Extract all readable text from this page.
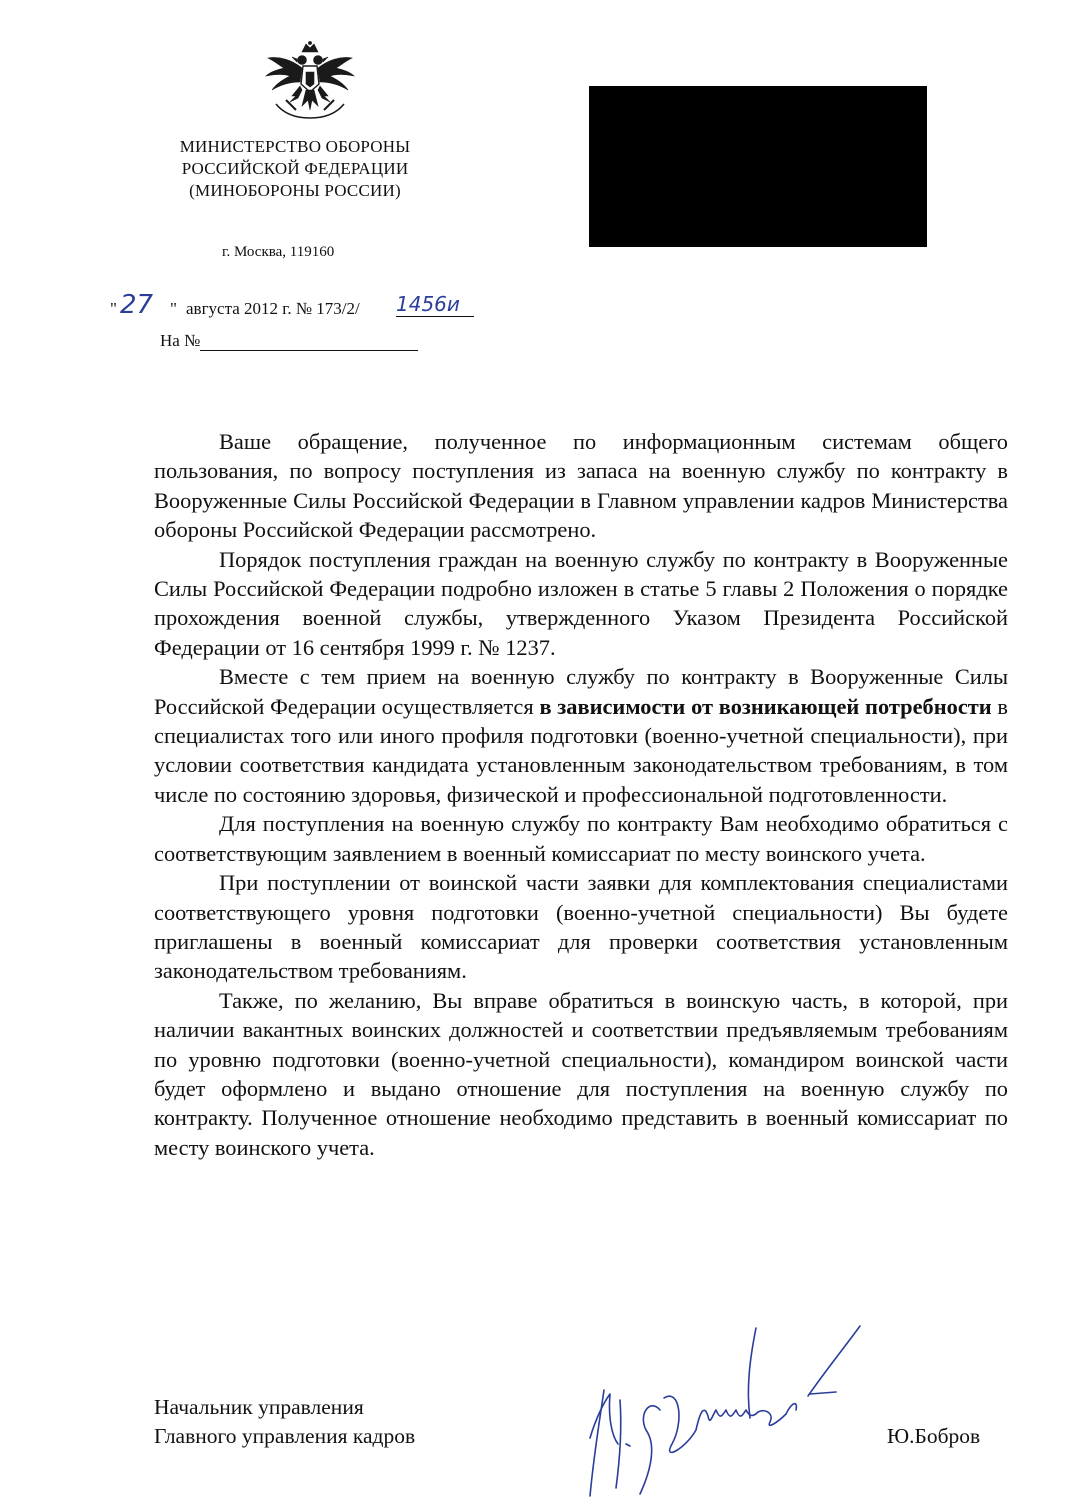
МИНИСТЕРСТВО ОБОРОНЫ
РОССИЙСКОЙ ФЕДЕРАЦИИ
(МИНОБОРОНЫ РОССИИ)
г. Москва, 119160
" 27 " августа 2012 г. № 173/2/ 1456и
На №

Ваше обращение, полученное по информационным системам общего пользования, по вопросу поступления из запаса на военную службу по контракту в Вооруженные Силы Российской Федерации в Главном управлении кадров Министерства обороны Российской Федерации рассмотрено.

Порядок поступления граждан на военную службу по контракту в Вооруженные Силы Российской Федерации подробно изложен в статье 5 главы 2 Положения о порядке прохождения военной службы, утвержденного Указом Президента Российской Федерации от 16 сентября 1999 г. № 1237.

Вместе с тем прием на военную службу по контракту в Вооруженные Силы Российской Федерации осуществляется в зависимости от возникающей потребности в специалистах того или иного профиля подготовки (военно-учетной специальности), при условии соответствия кандидата установленным законодательством требованиям, в том числе по состоянию здоровья, физической и профессиональной подготовленности.

Для поступления на военную службу по контракту Вам необходимо обратиться с соответствующим заявлением в военный комиссариат по месту воинского учета.

При поступлении от воинской части заявки для комплектования специалистами соответствующего уровня подготовки (военно-учетной специальности) Вы будете приглашены в военный комиссариат для проверки соответствия установленным законодательством требованиям.

Также, по желанию, Вы вправе обратиться в воинскую часть, в которой, при наличии вакантных воинских должностей и соответствии предъявляемым требованиям по уровню подготовки (военно-учетной специальности), командиром воинской части будет оформлено и выдано отношение для поступления на военную службу по контракту. Полученное отношение необходимо представить в военный комиссариат по месту воинского учета.

Начальник управления
Главного управления кадров	Ю.Бобров
